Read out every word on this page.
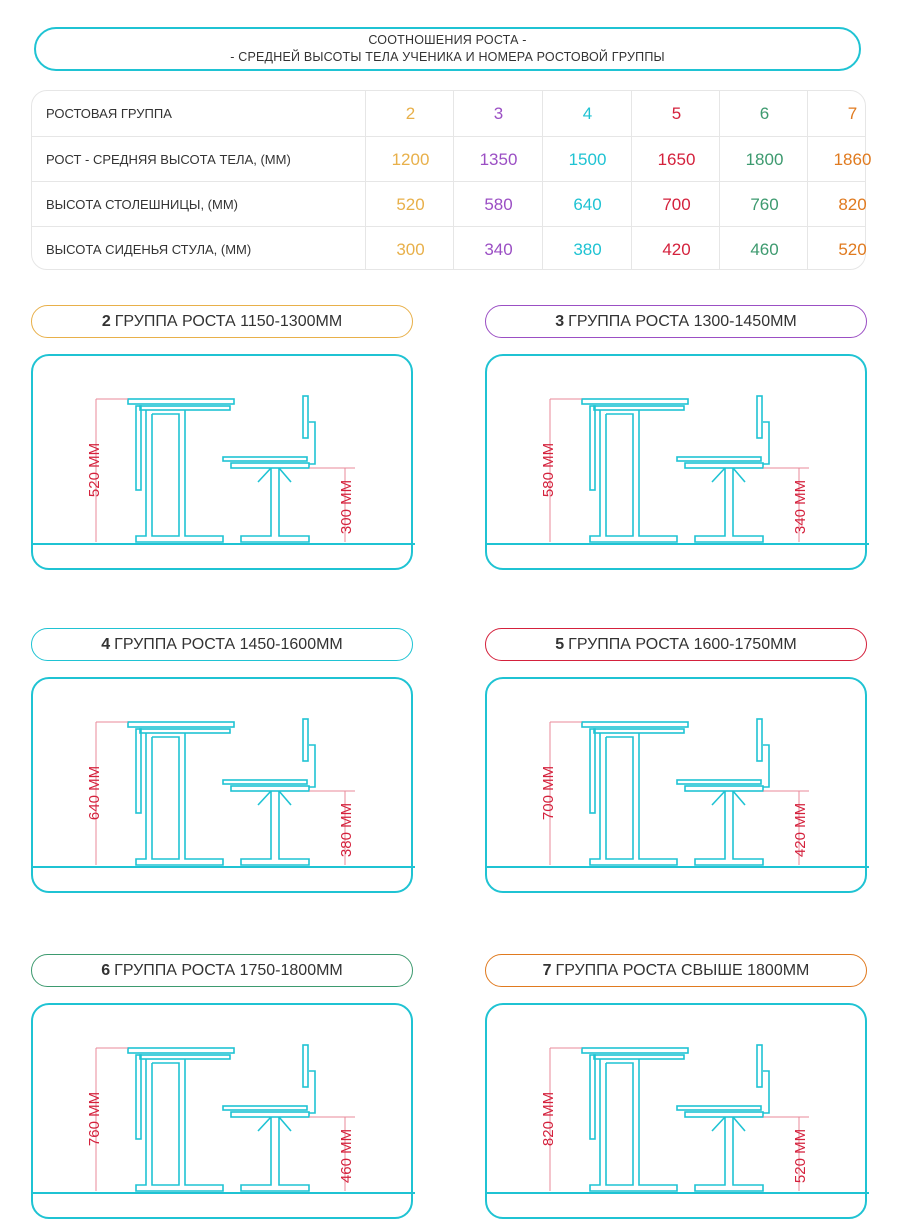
СООТНОШЕНИЯ РОСТА -
- СРЕДНЕЙ ВЫСОТЫ ТЕЛА УЧЕНИКА И НОМЕРА РОСТОВОЙ ГРУППЫ
РОСТОВАЯ ГРУППА	2	3	4	5	6	7
РОСТ - СРЕДНЯЯ ВЫСОТА ТЕЛА, (ММ)	1200	1350	1500	1650	1800	1860
ВЫСОТА СТОЛЕШНИЦЫ, (ММ)	520	580	640	700	760	820
ВЫСОТА СИДЕНЬЯ СТУЛА, (ММ)	300	340	380	420	460	520
2 ГРУППА РОСТА 1150-1300ММ
520 ММ
300 ММ
3 ГРУППА РОСТА 1300-1450ММ
580 ММ
340 ММ
4 ГРУППА РОСТА 1450-1600ММ
640 ММ
380 ММ
5 ГРУППА РОСТА 1600-1750ММ
700 ММ
420 ММ
6 ГРУППА РОСТА 1750-1800ММ
760 ММ
460 ММ
7 ГРУППА РОСТА СВЫШЕ 1800ММ
820 ММ
520 ММ
